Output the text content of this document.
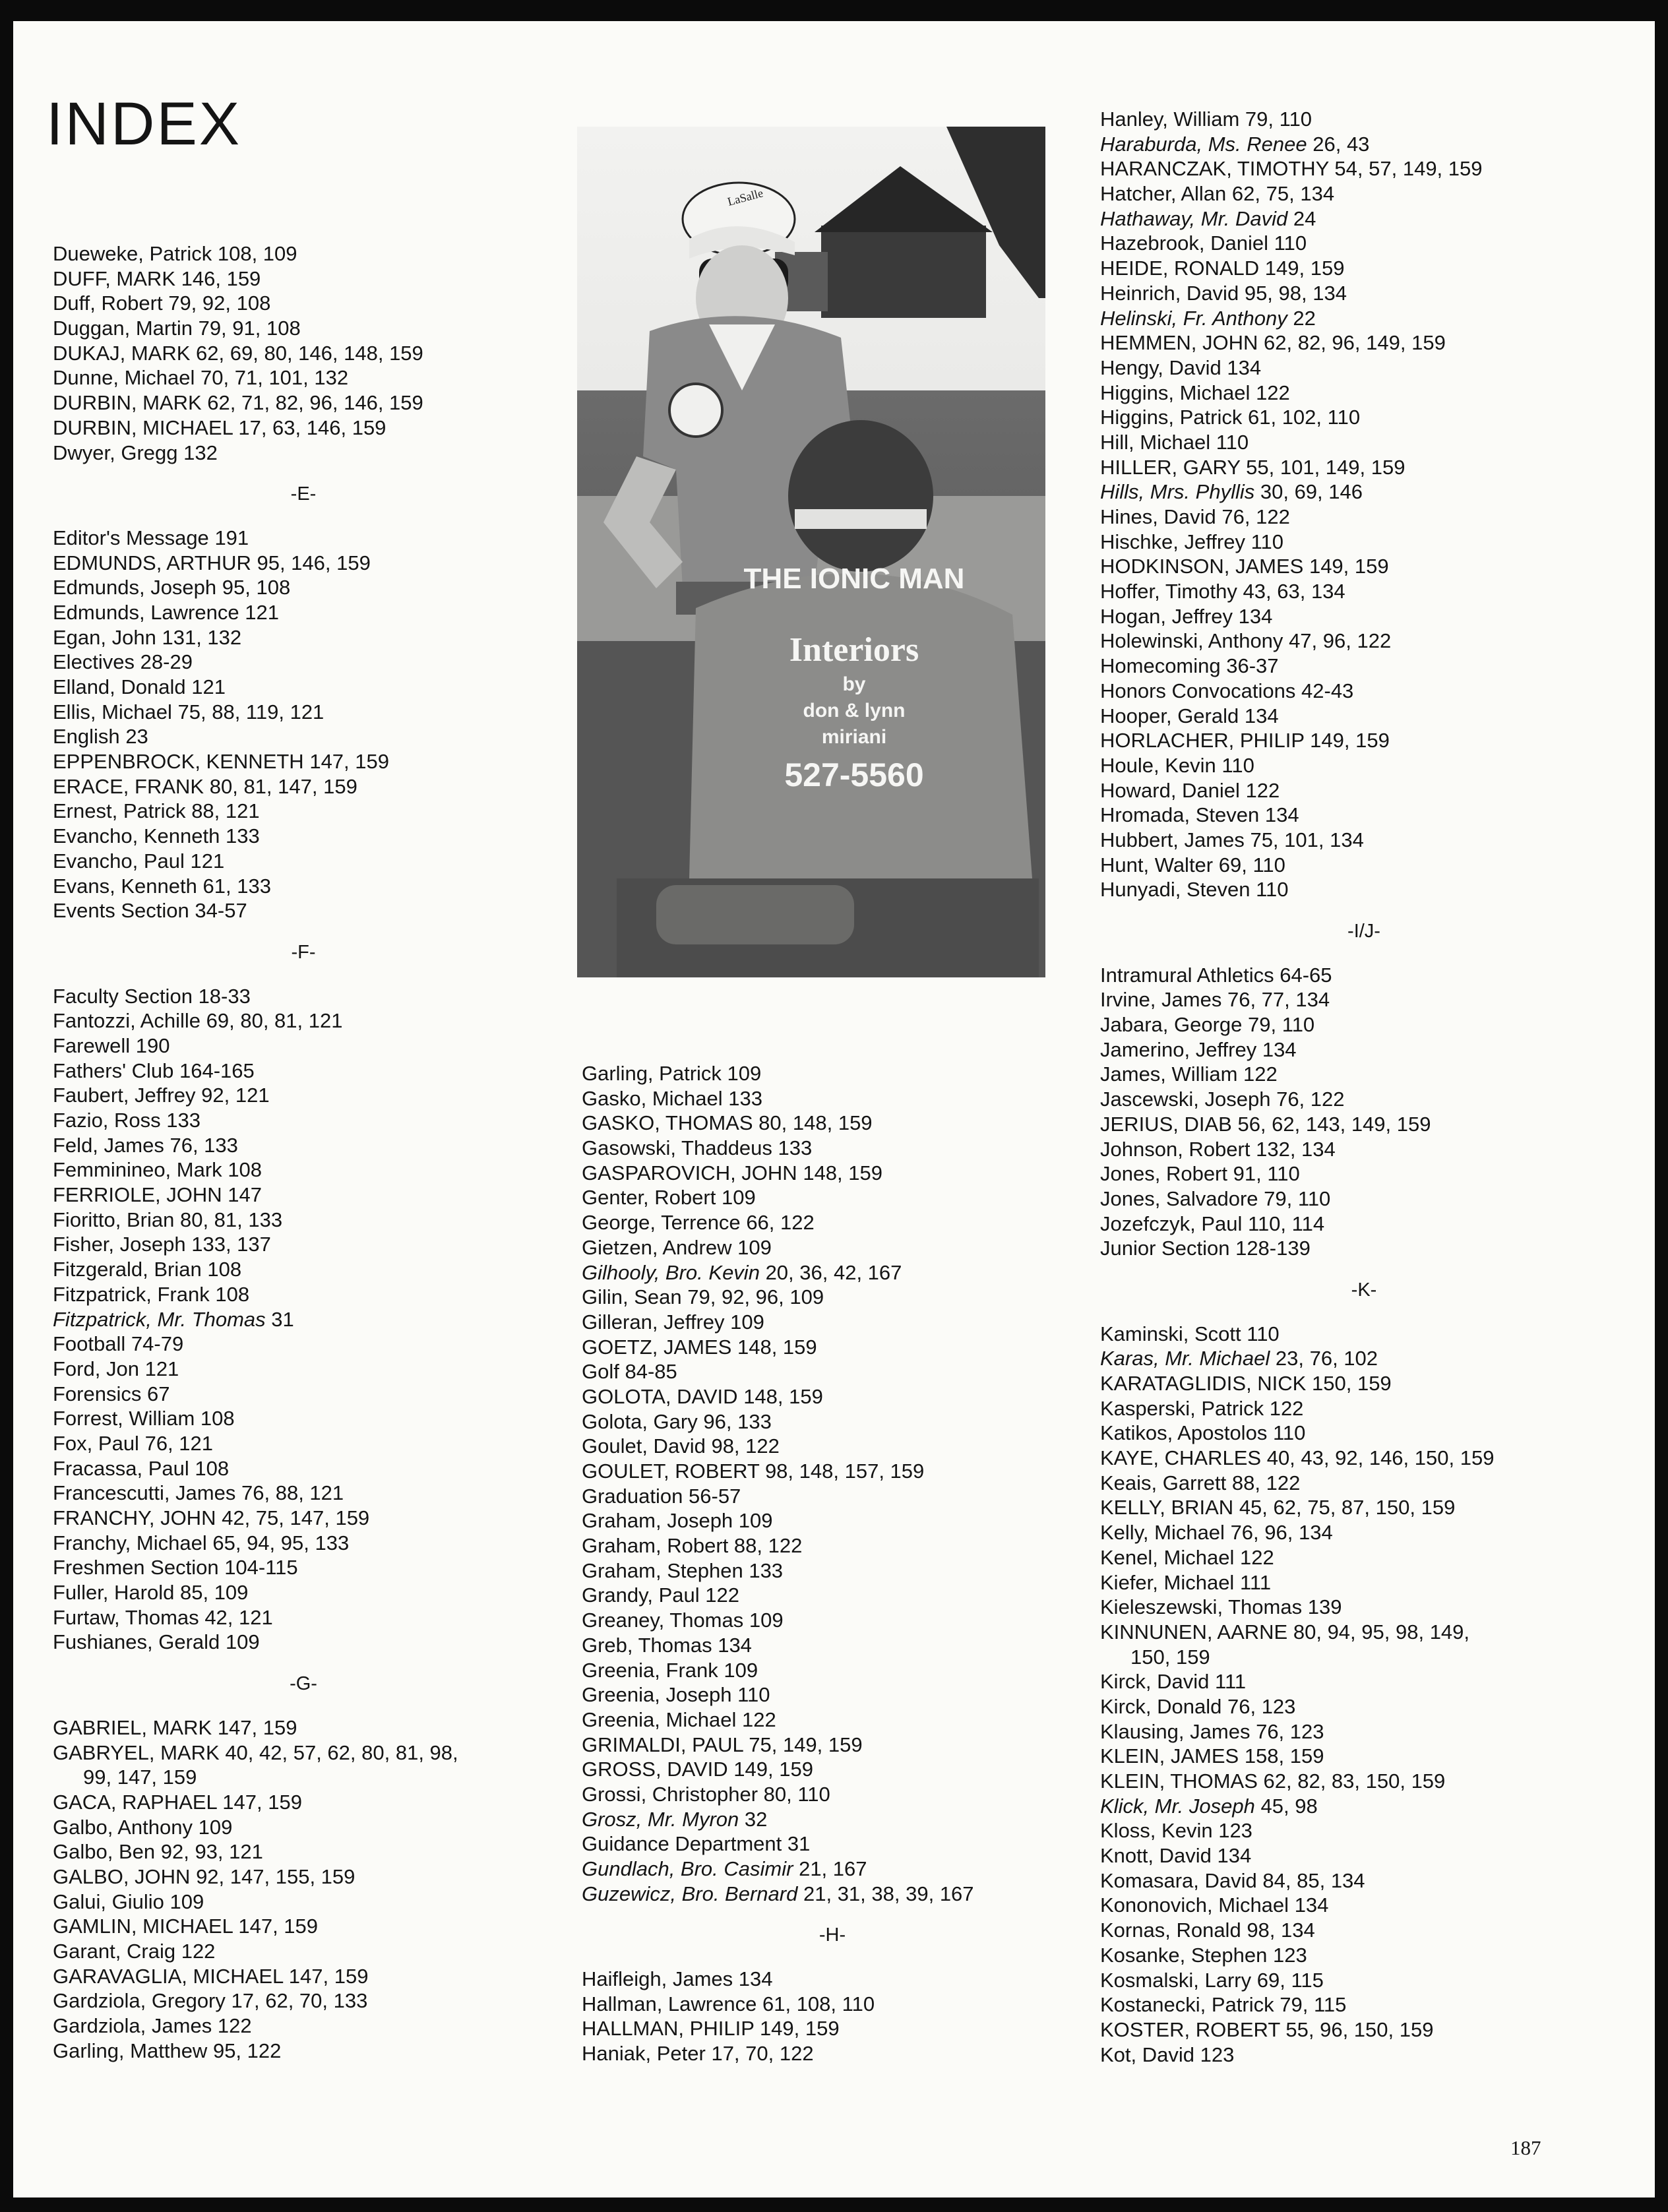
INDEX
Dueweke, Patrick 108, 109
DUFF, MARK 146, 159
Duff, Robert 79, 92, 108
Duggan, Martin 79, 91, 108
DUKAJ, MARK 62, 69, 80, 146, 148, 159
Dunne, Michael 70, 71, 101, 132
DURBIN, MARK 62, 71, 82, 96, 146, 159
DURBIN, MICHAEL 17, 63, 146, 159
Dwyer, Gregg 132
-E-
Editor's Message 191
EDMUNDS, ARTHUR 95, 146, 159
Edmunds, Joseph 95, 108
Edmunds, Lawrence 121
Egan, John 131, 132
Electives 28-29
Elland, Donald 121
Ellis, Michael 75, 88, 119, 121
English 23
EPPENBROCK, KENNETH 147, 159
ERACE, FRANK 80, 81, 147, 159
Ernest, Patrick 88, 121
Evancho, Kenneth 133
Evancho, Paul 121
Evans, Kenneth 61, 133
Events Section 34-57
-F-
Faculty Section 18-33
Fantozzi, Achille 69, 80, 81, 121
Farewell 190
Fathers' Club 164-165
Faubert, Jeffrey 92, 121
Fazio, Ross 133
Feld, James 76, 133
Femminineo, Mark 108
FERRIOLE, JOHN 147
Fioritto, Brian 80, 81, 133
Fisher, Joseph 133, 137
Fitzgerald, Brian 108
Fitzpatrick, Frank 108
Fitzpatrick, Mr. Thomas 31
Football 74-79
Ford, Jon 121
Forensics 67
Forrest, William 108
Fox, Paul 76, 121
Fracassa, Paul 108
Francescutti, James 76, 88, 121
FRANCHY, JOHN 42, 75, 147, 159
Franchy, Michael 65, 94, 95, 133
Freshmen Section 104-115
Fuller, Harold 85, 109
Furtaw, Thomas 42, 121
Fushianes, Gerald 109
-G-
GABRIEL, MARK 147, 159
GABRYEL, MARK 40, 42, 57, 62, 80, 81, 98,
99, 147, 159
GACA, RAPHAEL 147, 159
Galbo, Anthony 109
Galbo, Ben 92, 93, 121
GALBO, JOHN 92, 147, 155, 159
Galui, Giulio 109
GAMLIN, MICHAEL 147, 159
Garant, Craig 122
GARAVAGLIA, MICHAEL 147, 159
Gardziola, Gregory 17, 62, 70, 133
Gardziola, James 122
Garling, Matthew 95, 122
Garling, Patrick 109
Gasko, Michael 133
GASKO, THOMAS 80, 148, 159
Gasowski, Thaddeus 133
GASPAROVICH, JOHN 148, 159
Genter, Robert 109
George, Terrence 66, 122
Gietzen, Andrew 109
Gilhooly, Bro. Kevin 20, 36, 42, 167
Gilin, Sean 79, 92, 96, 109
Gilleran, Jeffrey 109
GOETZ, JAMES 148, 159
Golf 84-85
GOLOTA, DAVID 148, 159
Golota, Gary 96, 133
Goulet, David 98, 122
GOULET, ROBERT 98, 148, 157, 159
Graduation 56-57
Graham, Joseph 109
Graham, Robert 88, 122
Graham, Stephen 133
Grandy, Paul 122
Greaney, Thomas 109
Greb, Thomas 134
Greenia, Frank 109
Greenia, Joseph 110
Greenia, Michael 122
GRIMALDI, PAUL 75, 149, 159
GROSS, DAVID 149, 159
Grossi, Christopher 80, 110
Grosz, Mr. Myron 32
Guidance Department 31
Gundlach, Bro. Casimir 21, 167
Guzewicz, Bro. Bernard 21, 31, 38, 39, 167
-H-
Haifleigh, James 134
Hallman, Lawrence 61, 108, 110
HALLMAN, PHILIP 149, 159
Haniak, Peter 17, 70, 122
Hanley, William 79, 110
Haraburda, Ms. Renee 26, 43
HARANCZAK, TIMOTHY 54, 57, 149, 159
Hatcher, Allan 62, 75, 134
Hathaway, Mr. David 24
Hazebrook, Daniel 110
HEIDE, RONALD 149, 159
Heinrich, David 95, 98, 134
Helinski, Fr. Anthony 22
HEMMEN, JOHN 62, 82, 96, 149, 159
Hengy, David 134
Higgins, Michael 122
Higgins, Patrick 61, 102, 110
Hill, Michael 110
HILLER, GARY 55, 101, 149, 159
Hills, Mrs. Phyllis 30, 69, 146
Hines, David 76, 122
Hischke, Jeffrey 110
HODKINSON, JAMES 149, 159
Hoffer, Timothy 43, 63, 134
Hogan, Jeffrey 134
Holewinski, Anthony 47, 96, 122
Homecoming 36-37
Honors Convocations 42-43
Hooper, Gerald 134
HORLACHER, PHILIP 149, 159
Houle, Kevin 110
Howard, Daniel 122
Hromada, Steven 134
Hubbert, James 75, 101, 134
Hunt, Walter 69, 110
Hunyadi, Steven 110
-I/J-
Intramural Athletics 64-65
Irvine, James 76, 77, 134
Jabara, George 79, 110
Jamerino, Jeffrey 134
James, William 122
Jascewski, Joseph 76, 122
JERIUS, DIAB 56, 62, 143, 149, 159
Johnson, Robert 132, 134
Jones, Robert 91, 110
Jones, Salvadore 79, 110
Jozefczyk, Paul 110, 114
Junior Section 128-139
-K-
Kaminski, Scott 110
Karas, Mr. Michael 23, 76, 102
KARATAGLIDIS, NICK 150, 159
Kasperski, Patrick 122
Katikos, Apostolos 110
KAYE, CHARLES 40, 43, 92, 146, 150, 159
Keais, Garrett 88, 122
KELLY, BRIAN 45, 62, 75, 87, 150, 159
Kelly, Michael 76, 96, 134
Kenel, Michael 122
Kiefer, Michael 111
Kieleszewski, Thomas 139
KINNUNEN, AARNE 80, 94, 95, 98, 149,
150, 159
Kirck, David 111
Kirck, Donald 76, 123
Klausing, James 76, 123
KLEIN, JAMES 158, 159
KLEIN, THOMAS 62, 82, 83, 150, 159
Klick, Mr. Joseph 45, 98
Kloss, Kevin 123
Knott, David 134
Komasara, David 84, 85, 134
Kononovich, Michael 134
Kornas, Ronald 98, 134
Kosanke, Stephen 123
Kosmalski, Larry 69, 115
Kostanecki, Patrick 79, 115
KOSTER, ROBERT 55, 96, 150, 159
Kot, David 123
LaSalle
THE IONIC MAN
Interiors
by
don & lynn
miriani
527-5560
187
